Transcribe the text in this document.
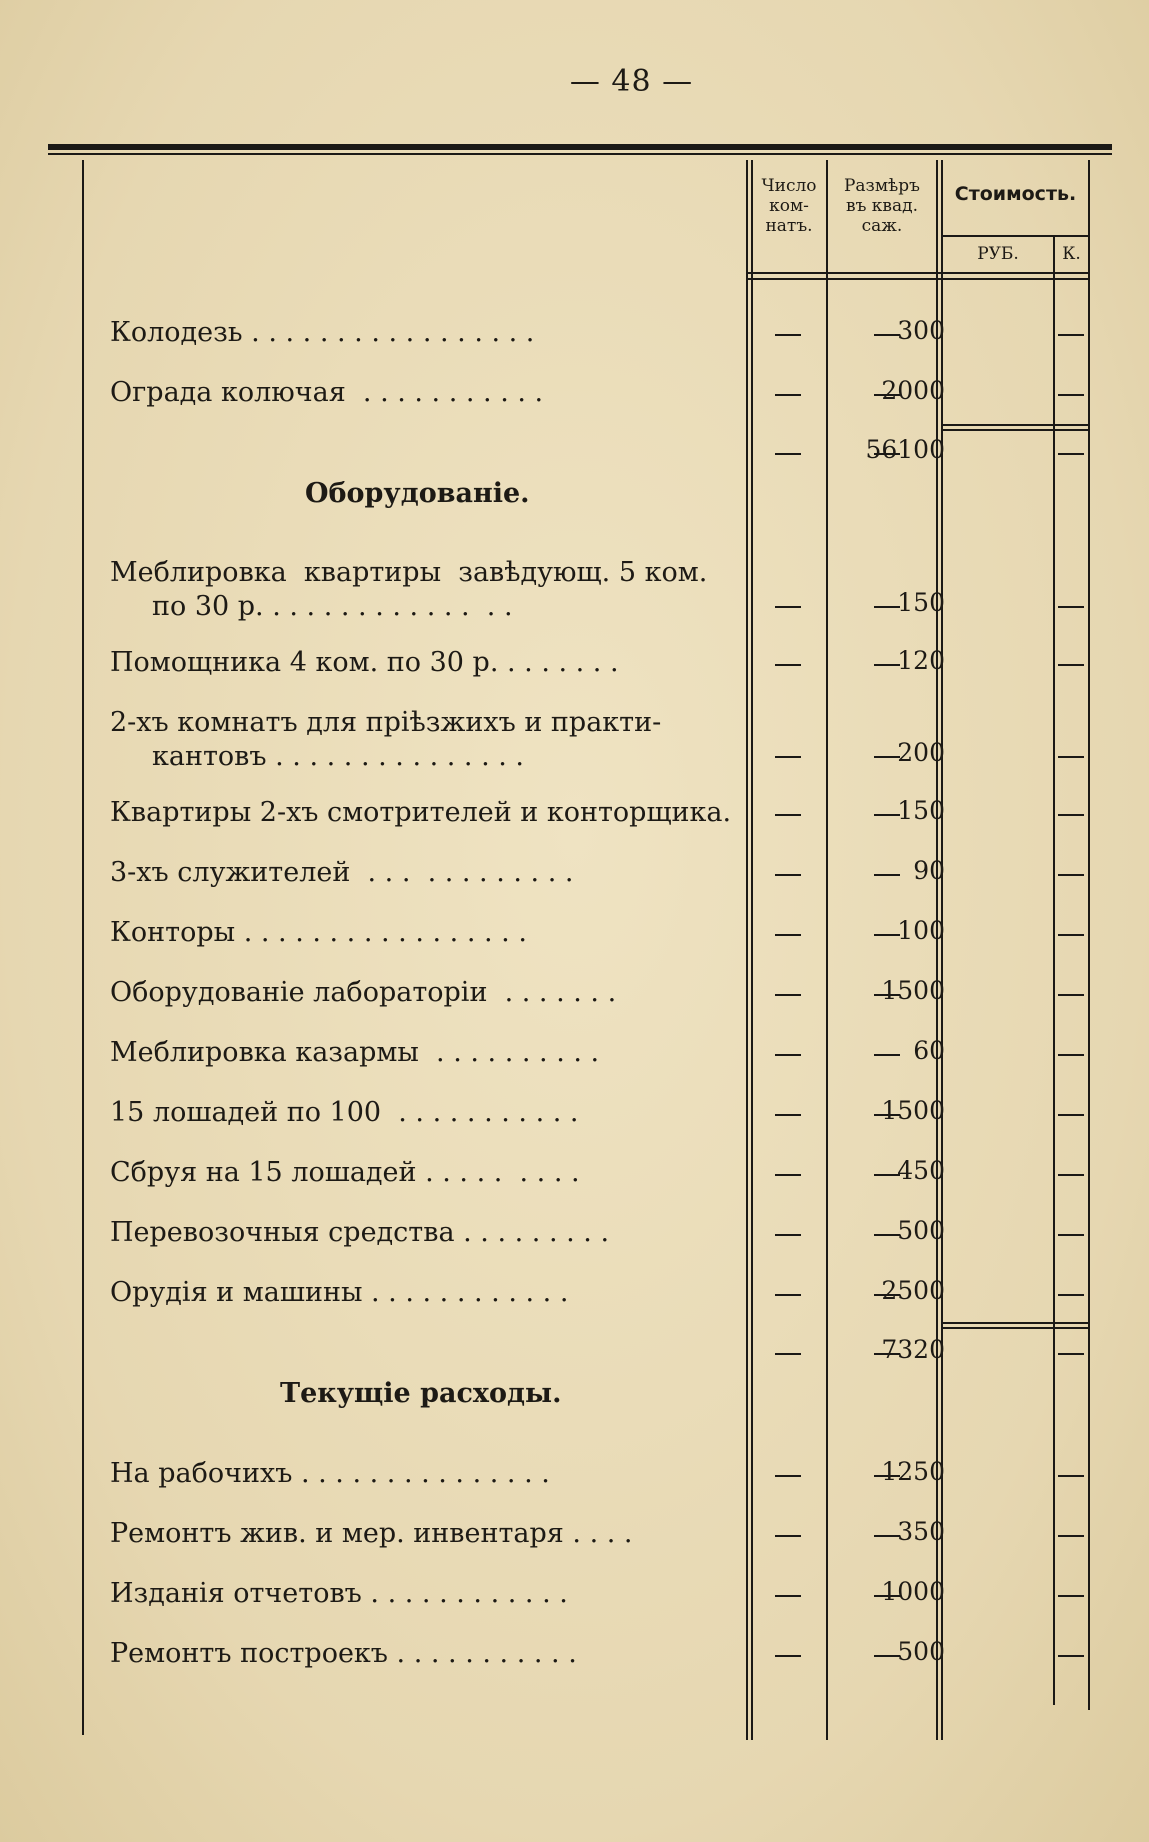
— 48 —
Число
ком-
натъ.
Размѣръ
въ квад.
саж.
Стоимость.
РУБ.	К.
Колодезь . . . . . . . . . . . . . . . . .	300
Ограда колючая  . . . . . . . . . . .	2000
56100
Оборудованіе.
Меблировка  квартиры  завѣдующ. 5 ком.
по 30 р. . . . . . . . . . . . .  . .	150
Помощника 4 ком. по 30 р. . . . . . . .	120
2-хъ комнатъ для пріѣзжихъ и практи-
кантовъ . . . . . . . . . . . . . . .	200
Квартиры 2-хъ смотрителей и конторщика.	150
3-хъ служителей  . . .  . . . . . . . . .	90
Конторы . . . . . . . . . . . . . . . . .	100
Оборудованіе лабораторіи  . . . . . . .	1500
Меблировка казармы  . . . . . . . . . .	60
15 лошадей по 100  . . . . . . . . . . .	1500
Сбруя на 15 лошадей . . . . .  . . . .	450
Перевозочныя средства . . . . . . . . .	500
Орудія и машины . . . . . . . . . . . .	2500
7320
Текущіе расходы.
На рабочихъ . . . . . . . . . . . . . . .	1250
Ремонтъ жив. и мер. инвентаря . . . .	350
Изданія отчетовъ . . . . . . . . . . . .	1000
Ремонтъ построекъ . . . . . . . . . . .	500
